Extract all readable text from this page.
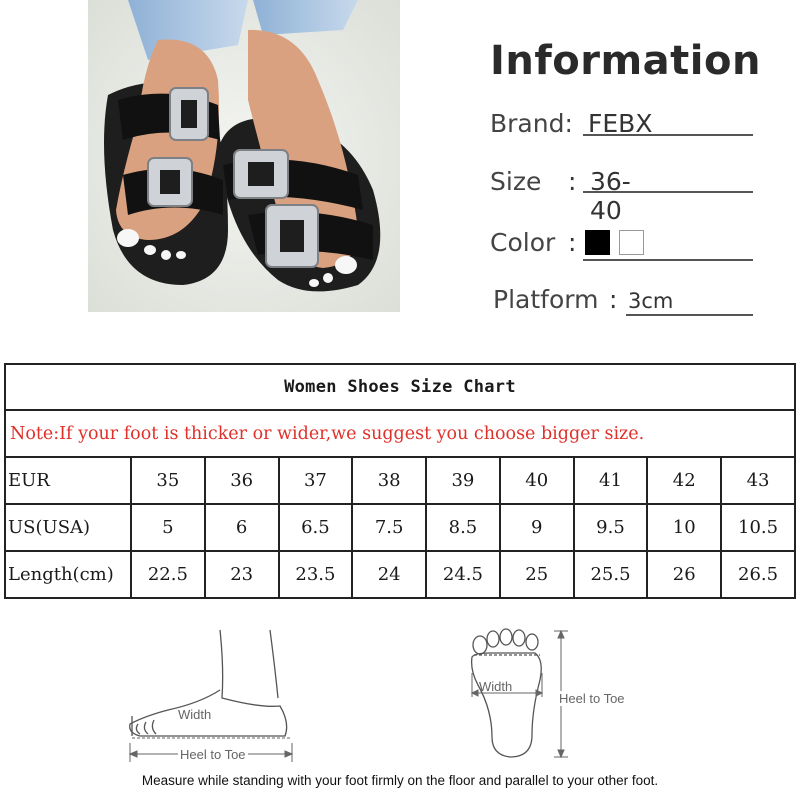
Information
Brand: FEBX
Size : 36-40
Color :
Platform : 3cm
Women Shoes Size Chart									
Note:If your foot is thicker or wider,we suggest you choose bigger size.									
EUR	35	36	37	38	39	40	41	42	43
US(USA)	5	6	6.5	7.5	8.5	9	9.5	10	10.5
Length(cm)	22.5	23	23.5	24	24.5	25	25.5	26	26.5
Width
Heel to Toe
Width
Heel to Toe
Measure while standing with your foot firmly on the floor and parallel to your other foot.
